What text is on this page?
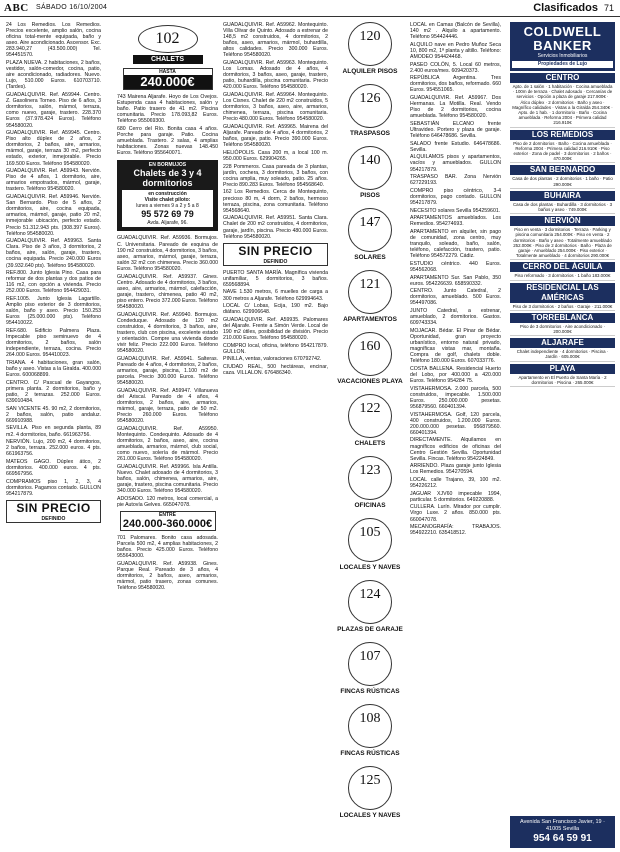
ABC SÁBADO 16/10/2004	Clasificados 71

24 Los Remedios. Los Remedios. Precios excelente, amplio salón, cocina oficina total-mente equipada, baño y aseo. Aire acondicionado. Ascensor. Exc. 283.940,27 (43.500.000) Tel. 954451570.

PLAZA NUEVA. 2 habitaciones, 2 baños, vestidor, salón-comedor, cocina, patio, aire acondicionado, radiadores. Nuevo. Lujo, 510.000 Euros. 610703710. (Tardes).

GUADALQUIVIR. Ref. A59944. Centro. Z. Gasolinera Torneo. Piso de 6 años, 3 dormitorios, salón, mármol, terraza, como nuevo, garaje, trastero. 228.370 Euros (37.978.424 Euros). Teléfono 954580020.

GUADALQUIVIR. Ref. A59945. Centro. Piso alto dúplex de 2 años, 2 dormitorios, 2 baños, aire, armarios, mármol, garaje, terraza 30 m2, perfecto estado, exterior, inmejorable. Precio 169.500 Euros. Teléfono 954580020.

GUADALQUIVIR. Ref. A59943. Nervión. Piso de 4 años, 1 dormitorio, aire, armarios empotrados, mármol, garaje, trastero. Teléfono 954580020.

GUADALQUIVIR. Ref. A59946. Nervión. San Bernardo. Piso de 5 años, 2 dormitorios, aire, cocina equipada, armarios, mármol, garaje, patio 20 m2, inmejorable ubicación, perfecto estado. Precio 51.312.943 pts. (308.397 Euros). Teléfono 954580020.

GUADALQUIVIR. Ref. A59963. Santa Clara. Piso de 3 años, 3 dormitorios, 2 baños, aire, salón, garaje, trastero, cocina equipada. Precio 240.000 Euros (39.932.640 pts). Teléfono 954580020.

REF.800. Junto Iglesia Pino. Casa para reformar de dos plantas y dos patios de 116 m2, con opción a vivienda. Precio 252.000 Euros. Teléfono 954429031.

REF.1005. Junto Iglesia Lagartillo. Amplio piso exterior de 3 dormitorios, salón, baño y aseo. Precio 150.253 Euros (25.000.000 pts). Teléfono 954410022.

REF.680. Edificio Palmera Plaza. Impecable piso seminuevo de 4 dormitorios, 2 baños, salón independiente, terraza, cocina. Precio 264.000 Euros. 954410023.

TRIANA. 4 habitaciones, gran salón, baño y aseo. Vistas a la Giralda. 400.000 Euros. 600068899.

CENTRO. C/ Pascual de Gayangos, primera planta. 2 dormitorios, baño y patio, 2 terrazas. 252.000 Euros. 639010484.

SAN VICENTE 45. 90 m2, 2 dormitorios, 2 baños, salón, patio andaluz. 669910988.

SEVILLA. Piso en segunda planta, 89 m2. 4 dormitorios, baño. 661963756.

NERVIÓN. Lujo, 200 m2, 4 dormitorios, 2 baños, terraza. 252.000 euros. 4 pts. 661963756.

MATEOS GAGO. Dúplex ático, 2 dormitorios. 400.000 euros. 4 pts. 669567956.

COMPRAMOS piso 1, 2, 3, 4 dormitorios. Pagamos contado. GULLON 954217879.

SIN PRECIO
DEFINIDO
102
CHALETS
HASTA
240.000€

743 Mairena Aljarafe. Hoyo de Los Ovejos. Estupenda casa 4 habitaciones, salón y baño. Patio trasero de 41 m2. Piscina comunitaria. Precio 178.093,82 Euros. Teléfono 955069300.

680 Cerro del Río. Bonita casa 4 años. Porche para garaje. Patio. Cocina amueblada. Trastero. 2 salas, 4 amplias habitaciones. Zonas nuevas 148.450 Euros. Teléfono 955640071.

EN BORMUJOS
Chalets de 3 y 4 dormitorios
en construcción
Visite chalet piloto:
lunes a viernes 9 a 2 y 5 a 8
95 572 69 79
Avda. Aljarafe, 96.

GUADALQUIVIR. Ref. A59936. Bormujos. C. Universitaria. Pareado de esquina de 190 m2 construidos, 4 dormitorios, 3 baños, aseo, armarios, mármol, garaje, terraza, salón 32 m2 con chimenea. Precio 360.000 Euros. Teléfono 954580020.

GUADALQUIVIR. Ref. A59937. Gines. Centro. Adosado de 4 dormitorios, 3 baños, aseo, aire, armarios, mármol, calefacción, garaje, trastero, chimenea, patio 40 m2, piso entero. Precio 372.000 Euros. Teléfono 954580020.

GUADALQUIVIR. Ref. A59940. Bormujos. Condeduque. Adosado de 120 m2 construidos, 4 dormitorios, 3 baños, aire, trastero, club con piscina, excelente estado y orientación. Compre una vivienda donde vivir feliz. Precio 222.000 Euros. Teléfono 954580020.

GUADALQUIVIR. Ref. A59941. Salteras. Pareado de 4 años, 4 dormitorios, 2 baños, armarios, garaje, piscina, 1.100 m2 de parcela. Precio 300.000 Euros. Teléfono 954580020.

GUADALQUIVIR. Ref. A59947. Villanueva del Ariscal. Pareado de 4 años, 4 dormitorios, 2 baños, aire, armarios, mármol, garaje, terraza, patio de 50 m2. Precio 260.000 Euros. Teléfono 954580020.

GUADALQUIVIR. Ref. A59950. Montequinto. Condequinto. Adosado de 4 dormitorios, 2 baños, aseo, aire, cocina amueblada, armarios, mármol, club social, como nuevo, solería de mármol. Precio 261.000 Euros. Teléfono 954580020.

GUADALQUIVIR. Ref. A59966. Isla Antilla. Nuevo. Chalet adosado de 4 dormitorios, 3 baños, salón, chimenea, armarios, aire, garaje, trastero, piscina comunitaria. Precio 340.000 Euros. Teléfono 954580020.

ADOSADO. 120 metros, local comercial, a pie Autovía Gelves. 665047078.

ENTRE
240.000-360.000€

701 Palomares. Bonito casa adosada. Parcela 500 m2, 4 amplias habitaciones, 2 baños. Precio 425.000 Euros. Teléfono 955643000.

GUADALQUIVIR. Ref. A59938. Gines. Parque Real. Pareado de 3 años, 4 dormitorios, 2 baños, aseo, armarios, mármol, patio trasero, zonas comunes. Teléfono 954580020.

GUADALQUIVIR. Ref. A59962. Montequinto. Villa Olivar de Quinto. Adosado a estrenar de 148,5 m2 construidos, 4 dormitorios, 2 baños, aseo, armarios, mármol, buhardilla, altos calidades. Precio 300.000 Euros. Teléfono 954580020.

GUADALQUIVIR. Ref. A59963. Montequinto. Los Lomas. Adosado de 4 años, 4 dormitorios, 3 baños, aseo, garaje, trastero, patio, buhardilla, piscina comunitaria. Precio 420.000 Euros. Teléfono 954580020.

GUADALQUIVIR. Ref. A59964. Montequinto. Los Cisnes. Chalet de 220 m2 construidos, 5 dormitorios, 3 baños, aseo, aire, armarios, chimenea, terraza, piscina comunitaria. Precio 480.000 Euros. Teléfono 954580020.

GUADALQUIVIR. Ref. A59965. Mairena del Aljarafe. Pareado de 4 años, 4 dormitorios, 2 baños, garaje, patio. Precio 390.000 Euros. Teléfono 954580020.

HELIÓPOLIS. Casa 200 m, a local 100 m. 950.000 Euros. 629904265.

228 Pommeros. Casa pareada de 3 plantas, jardín, cochera, 3 dormitorios, 3 baños, con cocina amplia, muy soleado, patio. 25 años. Precio 890.283 Euros. Teléfono 954568640.

162 Los Remedios. Cerca de Montequinto, precioso 80 m, 4 dorm, 2 baños, hermoso terraza, piscina, zona comunitaria. Teléfono 954568640.

GUADALQUIVIR. Ref. A59951. Santa Clara. Chalet de 200 m2 construidos, 4 dormitorios, garaje, jardín, piscina. Precio 480.000 Euros. Teléfono 954580020.

SIN PRECIO
DEFINIDO

PUERTO SANTA MARÍA. Magnífica vivienda unifamiliar, 5 dormitorios, 3 baños. 659568894.

NAVE 1.530 metros, 6 muelles de carga a 300 metros a Aljarafe. Teléfono 629994643.

LOCAL C/ Lobas, Ecija, 190 m2. Bajo diáfano. 629906648.

GUADALQUIVIR. Ref. A59935. Palomares del Aljarafe. Frente a Simón Verde. Local de 190 m2 útiles, posibilidad de división. Precio 210.000 Euros. Teléfono 954580020.

COMPRO local, oficina, teléfono 954217879. GULLON.

PINILLA, ventas, valoraciones 670792742.

CIUDAD REAL, 500 hectáreas, encinar, caza. VILLALON. 676486340.

120
ALQUILER PISOS
126
TRASPASOS
140
PISOS
147
SOLARES
121
APARTAMENTOS
160
VACACIONES PLAYA
122
CHALETS
123
OFICINAS
105
LOCALES Y NAVES
124
PLAZAS DE GARAJE
107
FINCAS RÚSTICAS
108
FINCAS RÚSTICAS
125
LOCALES Y NAVES

LOCAL en Camas (Balcón de Sevilla), 140 m2 . Alquilo a apartamento. Teléfono 954424446.

ALQUILO nave en Pedro Muñoz Seca 10, 800 m2, 1ª planta y altillo. Teléfono: AMODEO 954424468.

PASEO COLÓN, 5. Local 60 metros, 2.400 euros/mes. 609420373.

REPÚBLICA Argentina. Tres dormitorios, dos baños, reformado. 660 Euros. 954551065.

GUADALQUIVIR. Ref. A59967. Dos Hermanas. La Motilla. Real. Vendo Piso de 2 dormitorios, cocina amueblada. Teléfono 954580020.

SEBASTIÁN ELCANO frente Ultravideo. Portero y plaza de garaje. Teléfono 646478686. Sevilla.

SALADO frente Estudio. 646478686. Sevilla.

ALQUILAMOS pisos y apartamentos, vacíos y amueblados. GULLON 954217879.

TRASPASO BAR. Zona Nervión 627229193.

COMPRO piso céntrico, 3-4 dormitorios, pago contado. GULLON 954217879.

NECESITO solares Sevilla 954259601.

APARTAMENTOS amueblados. Los Remedios. 954274693.

APARTAMENTO en alquiler, sin pago de comunidad, zona centro, muy tranquilo, soleado, baño, salón, teléfono, calefacción, trastero, patio. Teléfono 954572279. Cádiz.

ESTUDIO céntrico. 440 Euros. 954562068.

APARTAMENTO Sur. San Pablo, 350 euros. 954226639. 658590332.

CENTRO. Junto Catedral, 2 dormitorios, amueblado. 500 Euros. 954497086.

JUNTO Catedral, a estrenar, amueblado, 2 dormitorios. Gastos. 609743334.

MOJACAR. Bédar. El Pinar de Bédar. Oportunidad, gran proyecto urbanístico, entorno natural privado, magníficas vistas mar, montaña. Compra de golf, chalets doble. Teléfono 180.000 Euros. 607033776.

COSTA BALLENA. Residencial Huerto del Lobo, por 400.000 a 420.000 Euros. Teléfono 954284 75.

VISTAHERMOSA. 2.000 parcela, 500 construidos, impecable. 1.500.000 Euros. 250.000.000 pesetas. 956879560. 660401394.

VISTAHERMOSA. Golf, 120 parcela, 400 construidos, 1.200.000 Euros. 200.000.000 pesetas. 956879560. 660401394.

DIRECTAMENTE. Alquilamos en magníficos edificios de oficinas del Centro Gestión Sevilla. Oportunidad Sevilla. Fincas. Teléfono 954224849.

ARRIENDO. Plaza garaje junto Iglesia Los Remedios. 954270594.

LOCAL calle Trajano, 39, 100 m2. 954226212.

JAGUAR XJV60 impecable 1994, particular. 5 dormitorios. 649220888.

CULLERA. Lurín. Mirador por cumplir. Virgo Luxe. 2 años. 850.000 pts. 660047078.

MECANOGRAFÍA: TRABAJOS. 954922210. 635418512.

COLDWELL BANKER
Servicios Inmobiliarios
Propiedades de Lujo
CENTRO
Apto. de 1 salón · 1 habitación · Cocina amueblada · 100m de terraza · Chalet adosado · Cercanías de servicios · Opción a plaza de garaje 217.900€ · Ático dúplex · 2 dormitorios · Baño y aseo · Magnífico calidades · Vistas a la Giralda 254.340€ · Apto. de 1 hab. · 1 dormitorio · Baño · Cocina amueblada · Reforma 2004 · Primera calidad 216.910€
LOS REMEDIOS
Piso de 2 dormitorios · Baño · Cocina amueblada · Reforma 2004 · Primera calidad 216.910€ · Piso exterior · Zona de padel · 3 dormitorios · 2 baños · 470.000€
SAN BERNARDO
Casa de dos plantas · 2 dormitorios · 1 baño · Patio 290.000€
BUHAIRA
Casa de dos plantas · Buhardilla · 3 dormitorios · 3 baños y aseo · 749.000€
NERVIÓN
Piso en venta · 3 dormitorios · Terraza · Parking y piscina comunitaria 254.000€ · Piso en venta · 2 dormitorios · Baño y aseo · Totalmente amueblado 252.000€ · Piso de 2 dormitorios · Baño · Plaza de garaje · Amueblado 254.000€ · Piso exterior · Totalmente amueblado · 4 dormitorios 290.000€
CERRO DEL ÁGUILA
Piso reformado · 3 dormitorios · 1 baño 183.000€
RESIDENCIAL LAS AMÉRICAS
Piso de 3 dormitorios · 2 baños · Garaje · 211.000€
TORREBLANCA
Piso de 3 dormitorios · Aire acondicionado · 200.000€
ALJARAFE
Chalet independiente · 4 dormitorios · Piscina · Jardín · 605.000€
PLAYA
Apartamento en El Puerto de Santa María · 2 dormitorios · Piscina · 265.000€
Avenida San Francisco Javier, 19 · 41005 Sevilla
954 64 59 91
